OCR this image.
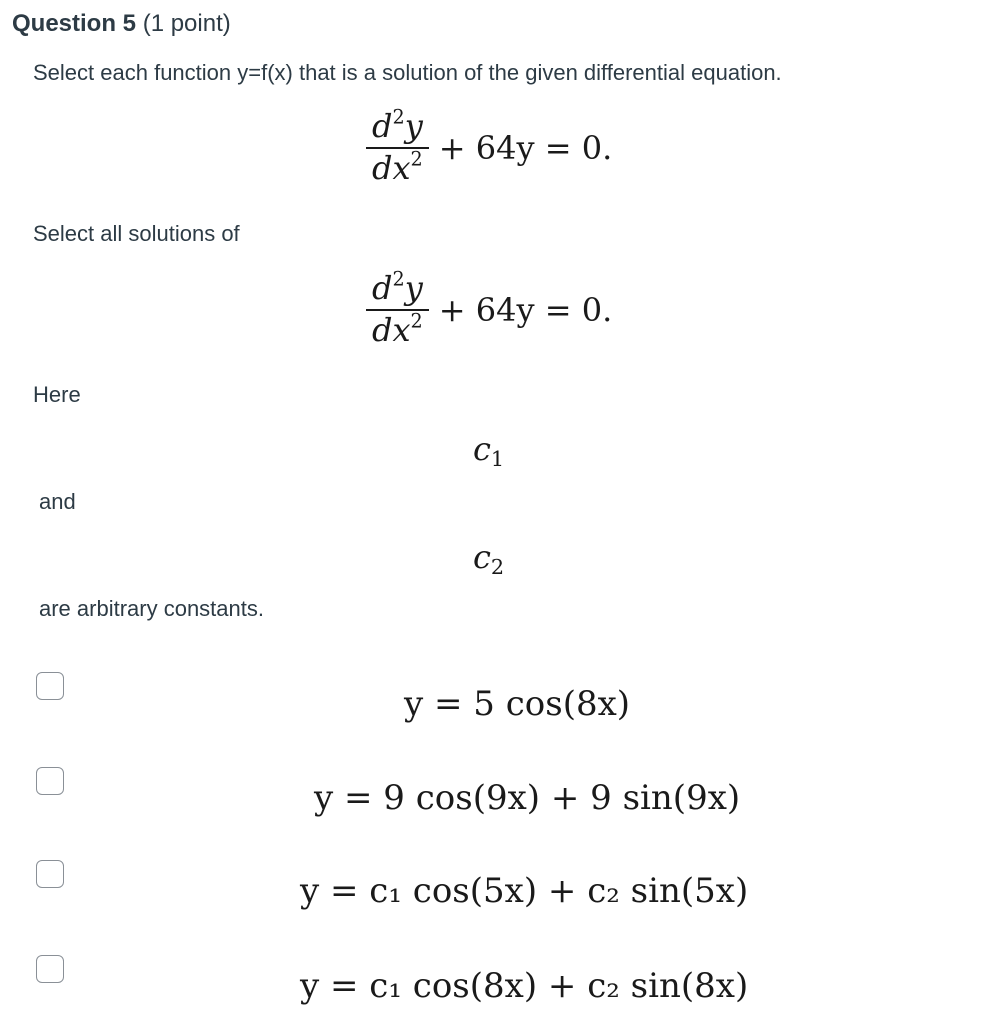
Question 5 (1 point)
Select each function y=f(x) that is a solution of the given differential equation.
$\frac{d^2y}{dx^2} + 64y = 0$.
Select all solutions of
$\frac{d^2y}{dx^2} + 64y = 0$.
Here
$c_1$
and
$c_2$
are arbitrary constants.
y = 5 cos(8x)
y = 9 cos(9x) + 9 sin(9x)
y = c₁ cos(5x) + c₂ sin(5x)
y = c₁ cos(8x) + c₂ sin(8x)
